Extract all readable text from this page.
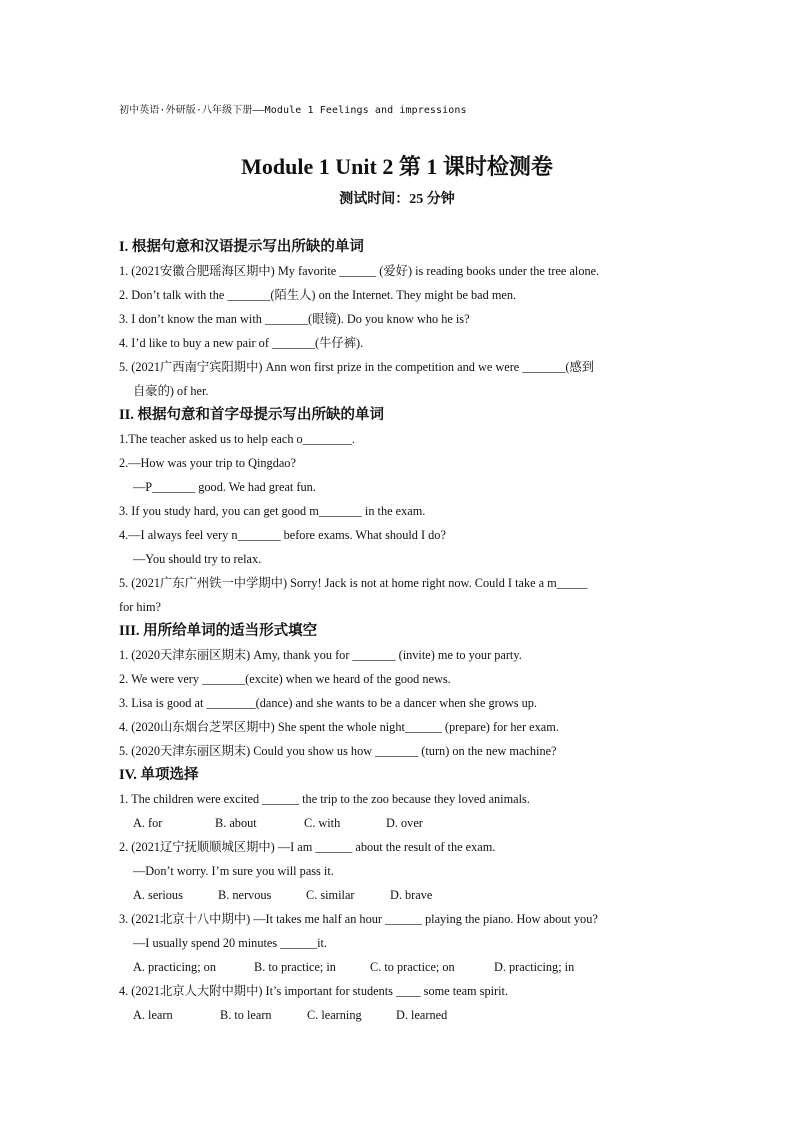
初中英语·外研版·八年级下册——Module 1 Feelings and impressions
Module 1 Unit 2 第 1 课时检测卷
测试时间：25 分钟
I. 根据句意和汉语提示写出所缺的单词
1. (2021安徽合肥瑶海区期中) My favorite ______ (爱好) is reading books under the tree alone.
2. Don’t talk with the _______(陌生人) on the Internet. They might be bad men.
3. I don’t know the man with _______(眼镜). Do you know who he is?
4. I’d like to buy a new pair of _______(牛仔裤).
5. (2021广西南宁宾阳期中) Ann won first prize in the competition and we were _______(感到
自豪的) of her.
II. 根据句意和首字母提示写出所缺的单词
1.The teacher asked us to help each o________.
2.—How was your trip to Qingdao?
—P_______ good. We had great fun.
3. If you study hard, you can get good m_______ in the exam.
4.—I always feel very n_______ before exams. What should I do?
—You should try to relax.
5. (2021广东广州铁一中学期中) Sorry! Jack is not at home right now. Could I take a m_____
for him?
III. 用所给单词的适当形式填空
1. (2020天津东丽区期末) Amy, thank you for _______ (invite) me to your party.
2. We were very _______(excite) when we heard of the good news.
3. Lisa is good at ________(dance) and she wants to be a dancer when she grows up.
4. (2020山东烟台芝罘区期中) She spent the whole night______ (prepare) for her exam.
5. (2020天津东丽区期末) Could you show us how _______ (turn) on the new machine?
IV. 单项选择
1. The children were excited ______ the trip to the zoo because they loved animals.
A. for	B. about	C. with	D. over
2. (2021辽宁抚顺顺城区期中) —I am ______ about the result of the exam.
—Don’t worry. I’m sure you will pass it.
A. serious	B. nervous	C. similar	D. brave
3. (2021北京十八中期中) —It takes me half an hour ______ playing the piano. How about you?
—I usually spend 20 minutes ______it.
A. practicing; on	B. to practice; in	C. to practice; on	D. practicing; in
4. (2021北京人大附中期中) It’s important for students ____ some team spirit.
A. learn	B. to learn	C. learning	D. learned
